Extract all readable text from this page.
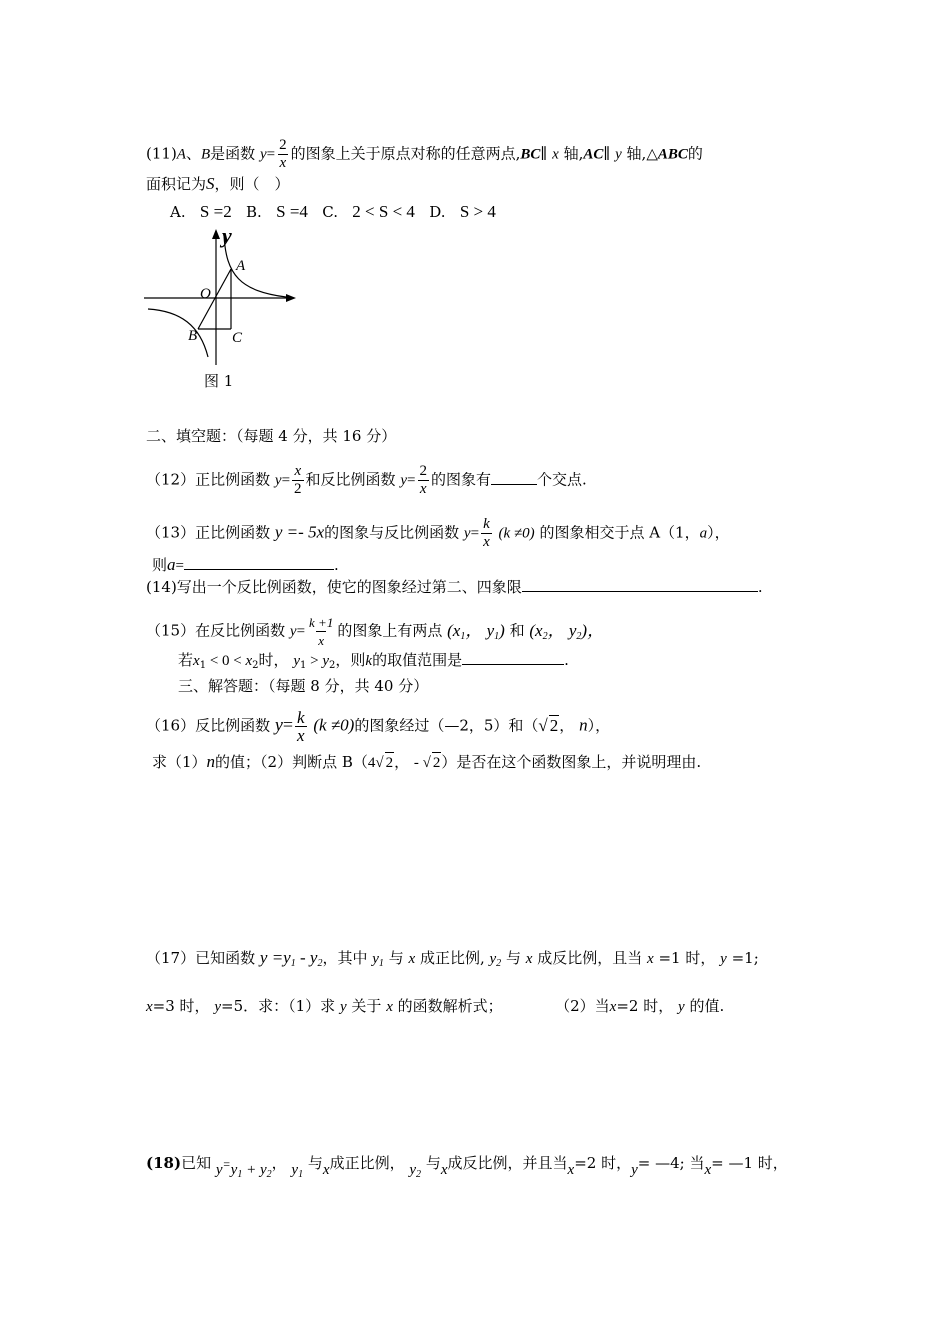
(11)A、B是函数 $y= \frac{2}{x}$ 的图象上关于原点对称的任意两点,BC∥ x 轴,AC∥ y 轴,△ABC的
面积记为S，则（　）
A. S =2 B. S =4 C. 2 < S < 4 D. S > 4
y
O
A
B C
图 1
二、填空题：（每题 4 分，共 16 分）
（12）正比例函数 $y= \frac{x}{2}$ 和反比例函数 $y= \frac{2}{x}$ 的图象有	个交点.
（13）正比例函数 y =- 5x的图象与反比例函数 $y= \frac{k}{x} (k \ne 0)$ 的图象相交于点 A（1，a），
则a=	.
(14)写出一个反比例函数，使它的图象经过第二、四象限	.
（15）在反比例函数 $y= \frac{k +1}{x}$ 的图象上有两点 ($x_1$， $y_1$) 和 ($x_2$， $y_2$)，
若$x_1 < 0 < x_2$时， $y_1 > y_2$，则k的取值范围是	.
三、解答题：（每题 8 分，共 40 分）
（16）反比例函数 $y= \frac{k}{x} (k \ne 0)$的图象经过（—2，5）和（√ 2， n），
求（1）n的值；（2）判断点 B（4√ 2， - √ 2）是否在这个函数图象上，并说明理由.
（17）已知函数 $y =y_1 - y_2$，其中 $y_1$ 与 x 成正比例, $y_2$ 与 x 成反比例，且当 x =1 时， y =1;
x=3 时， y=5．求：（1）求 y 关于 x 的函数解析式；	（2）当x=2 时， y 的值.
(18)已知 $y^=y_1 + y_2$， $y_1$ 与x成正比例， $y_2$ 与x成反比例，并且当x=2 时，y= —4; 当x= —1 时，
